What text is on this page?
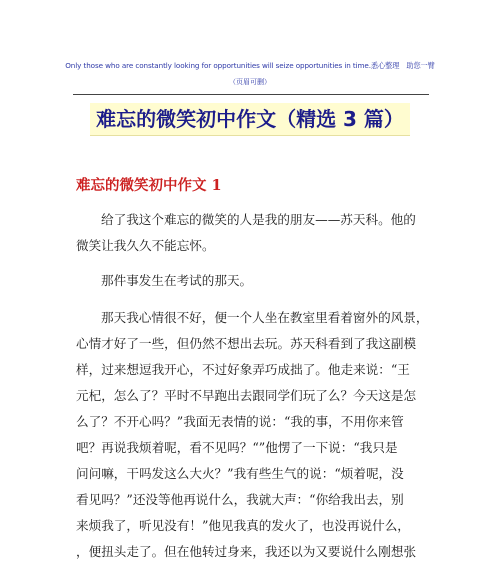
Only those who are constantly looking for opportunities will seize opportunities in time.悉心整理　助您一臂
（页眉可删）
难忘的微笑初中作文（精选 3 篇）
难忘的微笑初中作文 1

给了我这个难忘的微笑的人是我的朋友——苏天科。他的
微笑让我久久不能忘怀。

那件事发生在考试的那天。

那天我心情很不好，便一个人坐在教室里看着窗外的风景，
心情才好了一些，但仍然不想出去玩。苏天科看到了我这副模
样，过来想逗我开心，不过好象弄巧成拙了。他走来说：“王
元杞，怎么了？平时不早跑出去跟同学们玩了么？今天这是怎
么了？不开心吗？”我面无表情的说：“我的事，不用你来管
吧？再说我烦着呢，看不见吗？“”他愣了一下说：“我只是
问问嘛，干吗发这么大火？”我有些生气的说：“烦着呢，没
看见吗？”还没等他再说什么，我就大声：“你给我出去，别
来烦我了，听见没有！”他见我真的发火了，也没再说什么，
，便扭头走了。但在他转过身来，我还以为又要说什么刚想张
